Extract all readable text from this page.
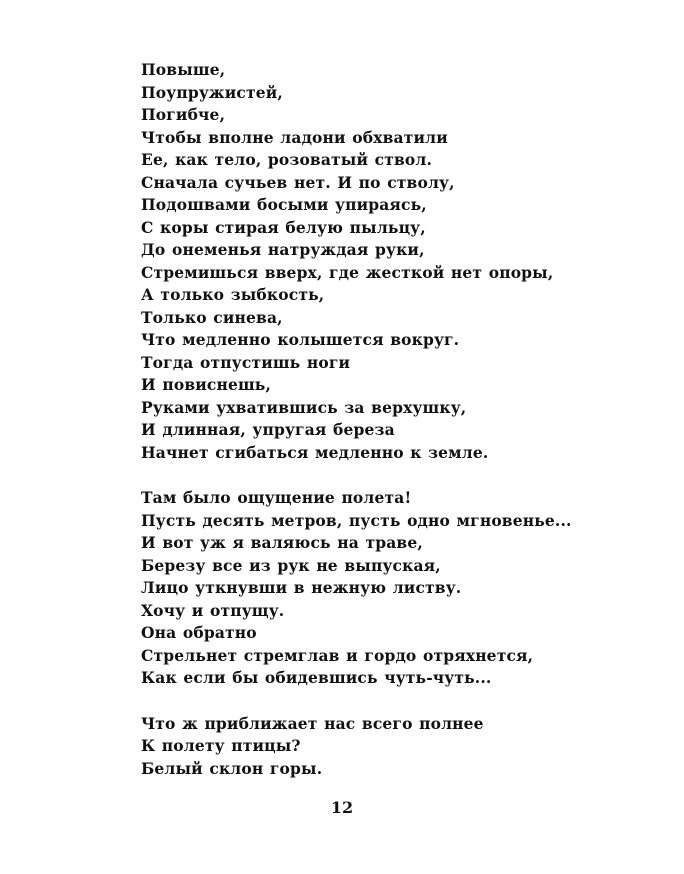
Повыше,
Поупружистей,
Погибче,
Чтобы вполне ладони обхватили
Ее, как тело, розоватый ствол.
Сначала сучьев нет. И по стволу,
Подошвами босыми упираясь,
С коры стирая белую пыльцу,
До онеменья натруждая руки,
Стремишься вверх, где жесткой нет опоры,
А только зыбкость,
Только синева,
Что медленно колышется вокруг.
Тогда отпустишь ноги
И повиснешь,
Руками ухватившись за верхушку,
И длинная, упругая береза
Начнет сгибаться медленно к земле.
Там было ощущение полета!
Пусть десять метров, пусть одно мгновенье...
И вот уж я валяюсь на траве,
Березу все из рук не выпуская,
Лицо уткнувши в нежную листву.
Хочу и отпущу.
Она обратно
Стрельнет стремглав и гордо отряхнется,
Как если бы обидевшись чуть-чуть...
Что ж приближает нас всего полнее
К полету птицы?
Белый склон горы.
12
